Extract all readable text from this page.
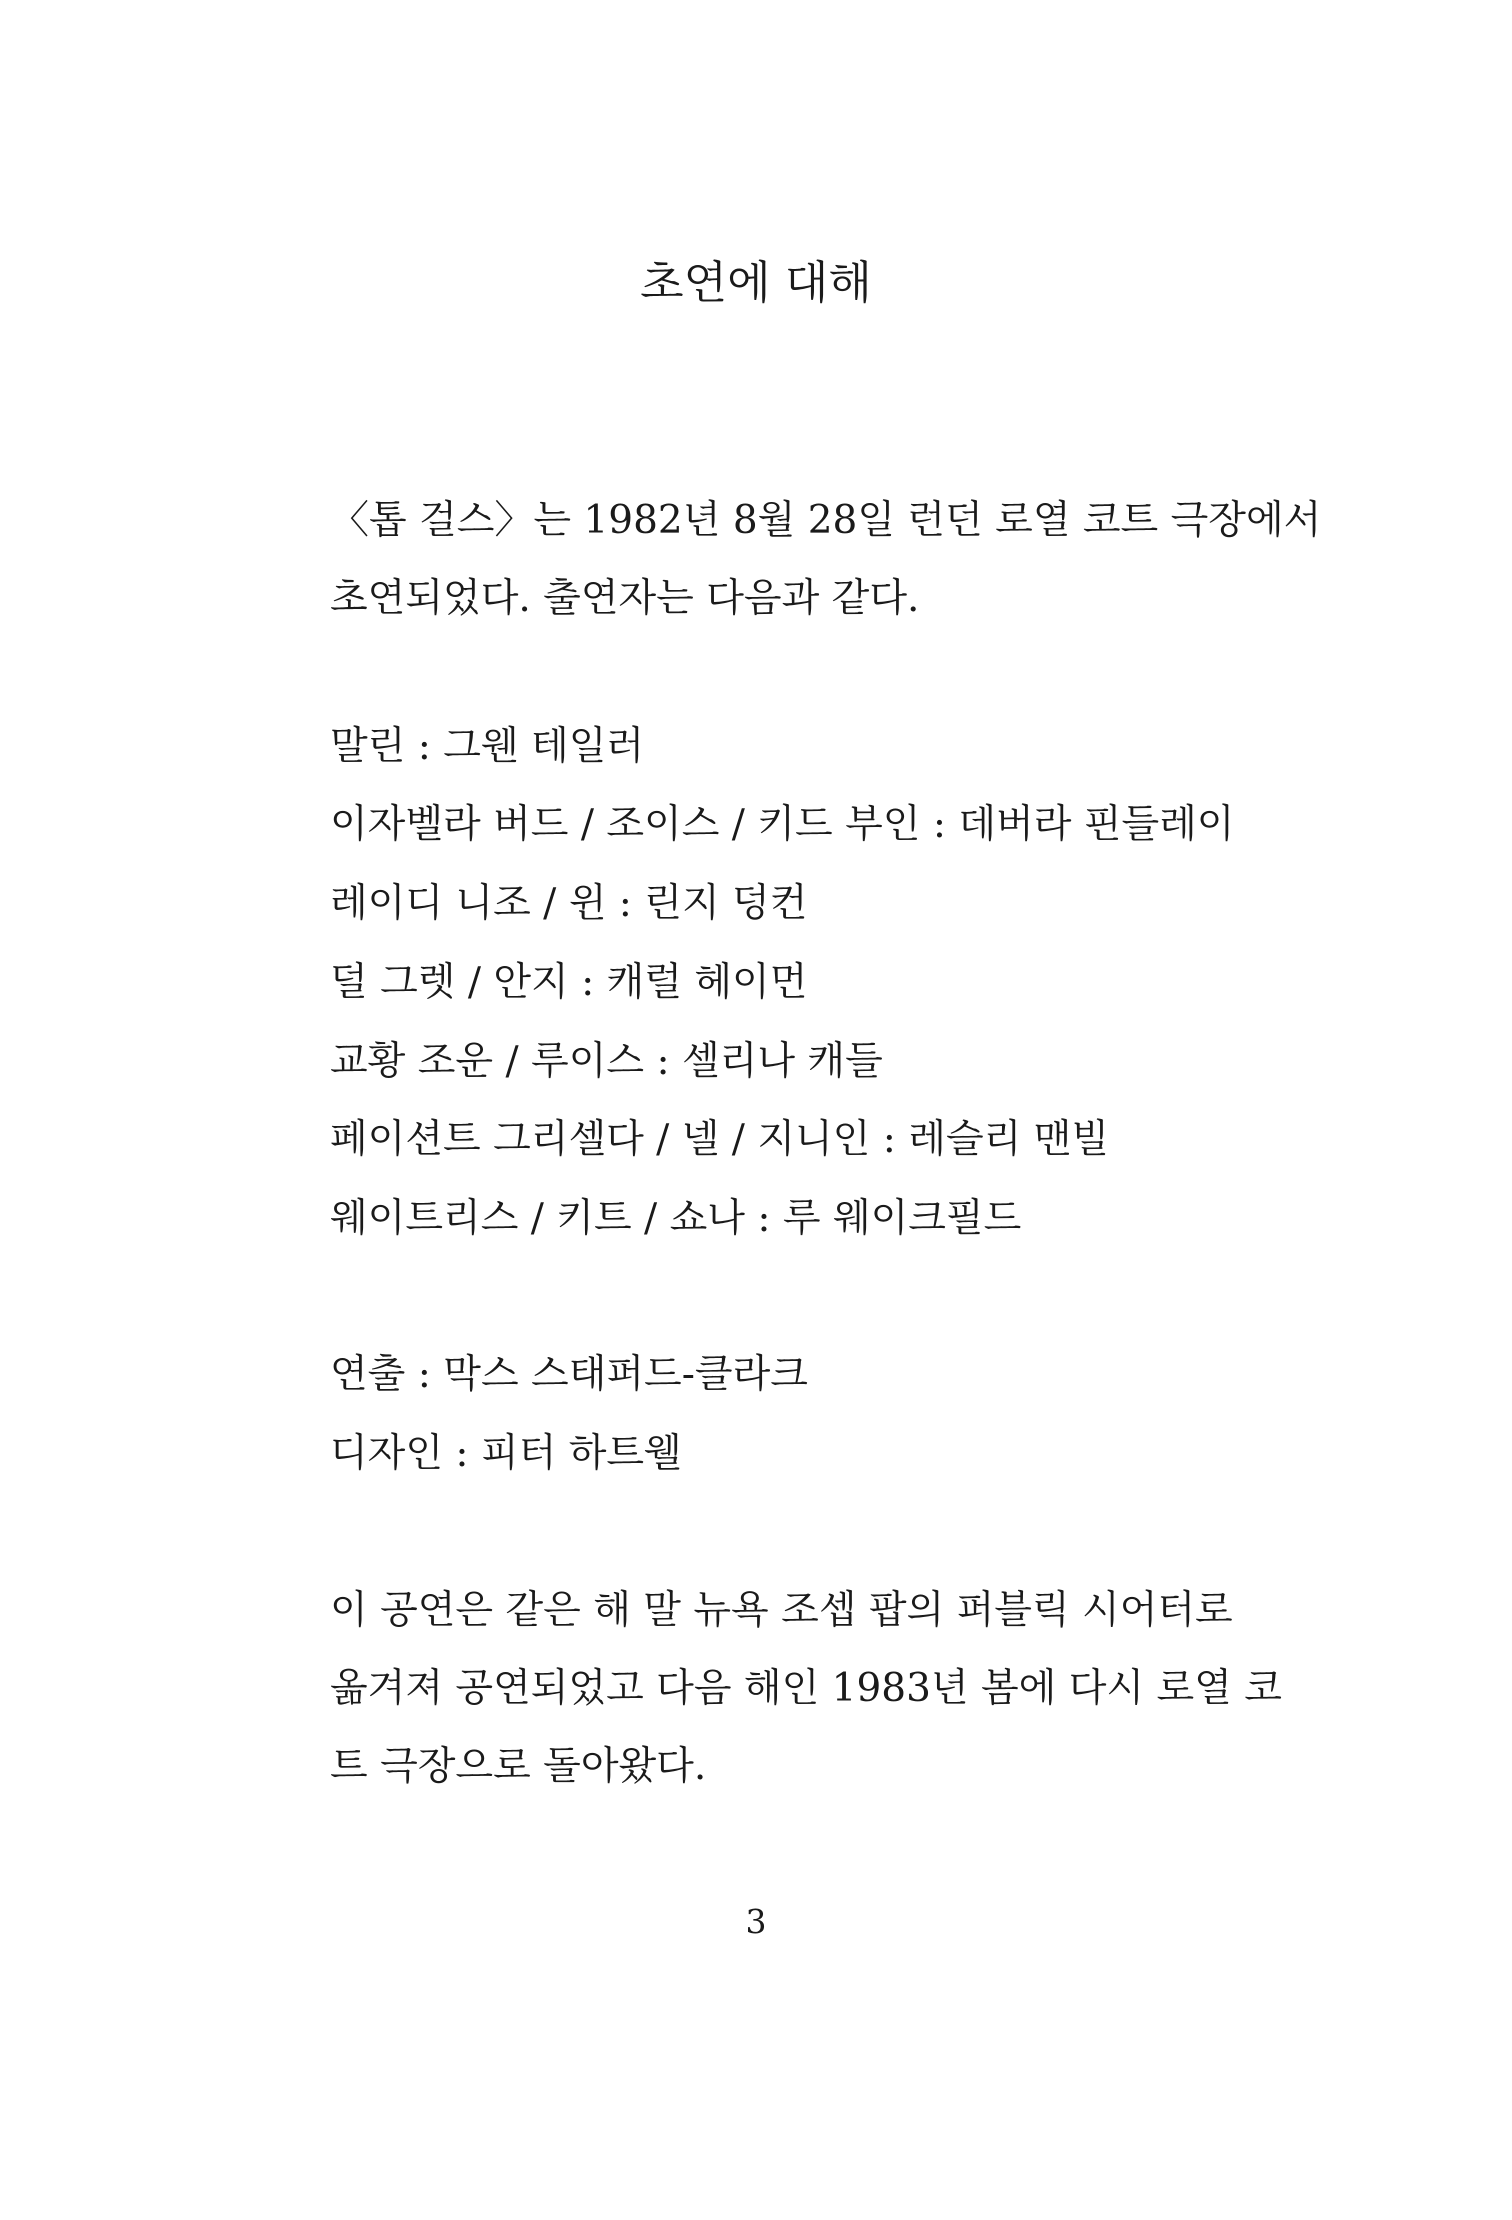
초연에 대해
〈톱 걸스〉는 1982년 8월 28일 런던 로열 코트 극장에서
초연되었다. 출연자는 다음과 같다.
말린 : 그웬 테일러
이자벨라 버드 / 조이스 / 키드 부인 : 데버라 핀들레이
레이디 니조 / 윈 : 린지 덩컨
덜 그렛 / 안지 : 캐럴 헤이먼
교황 조운 / 루이스 : 셀리나 캐들
페이션트 그리셀다 / 넬 / 지니인 : 레슬리 맨빌
웨이트리스 / 키트 / 쇼나 : 루 웨이크필드
연출 : 막스 스태퍼드-클라크
디자인 : 피터 하트웰
이 공연은 같은 해 말 뉴욕 조셉 팝의 퍼블릭 시어터로
옮겨져 공연되었고 다음 해인 1983년 봄에 다시 로열 코
트 극장으로 돌아왔다.
3
